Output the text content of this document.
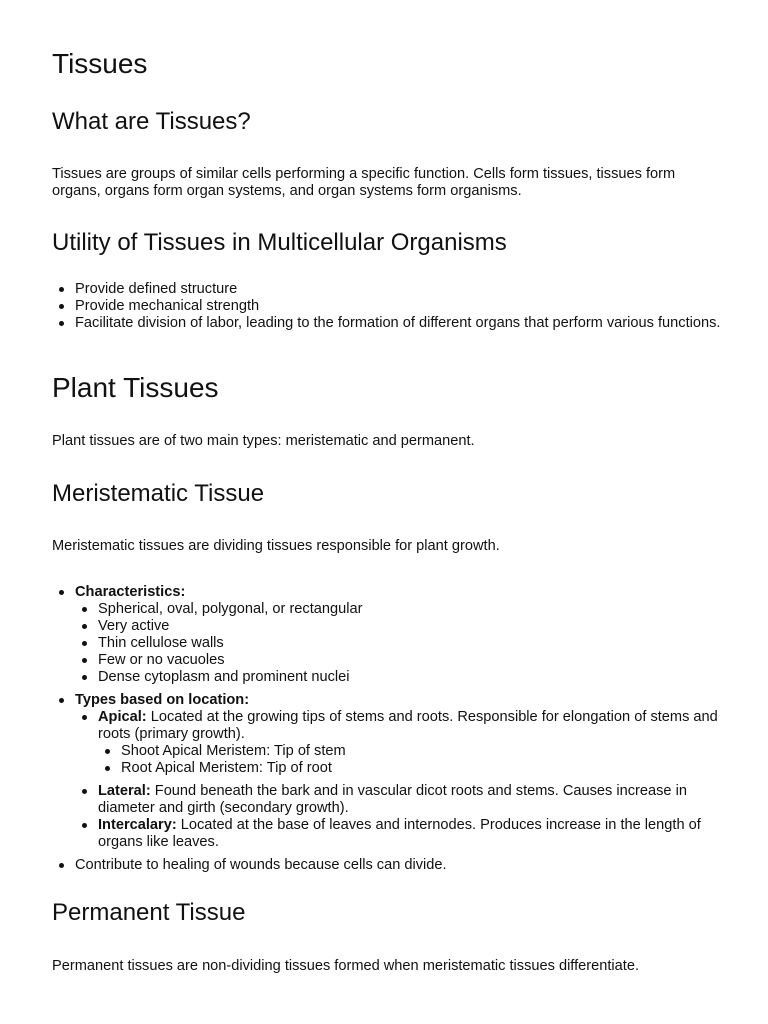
Tissues
What are Tissues?

Tissues are groups of similar cells performing a specific function. Cells form tissues, tissues form organs, organs form organ systems, and organ systems form organisms.

Utility of Tissues in Multicellular Organisms
Provide defined structure
Provide mechanical strength
Facilitate division of labor, leading to the formation of different organs that perform various functions.
Plant Tissues

Plant tissues are of two main types: meristematic and permanent.

Meristematic Tissue

Meristematic tissues are dividing tissues responsible for plant growth.

Characteristics:
Spherical, oval, polygonal, or rectangular
Very active
Thin cellulose walls
Few or no vacuoles
Dense cytoplasm and prominent nuclei
Types based on location:
Apical: Located at the growing tips of stems and roots. Responsible for elongation of stems and roots (primary growth).
Shoot Apical Meristem: Tip of stem
Root Apical Meristem: Tip of root
Lateral: Found beneath the bark and in vascular dicot roots and stems. Causes increase in diameter and girth (secondary growth).
Intercalary: Located at the base of leaves and internodes. Produces increase in the length of organs like leaves.
Contribute to healing of wounds because cells can divide.
Permanent Tissue

Permanent tissues are non-dividing tissues formed when meristematic tissues differentiate.
